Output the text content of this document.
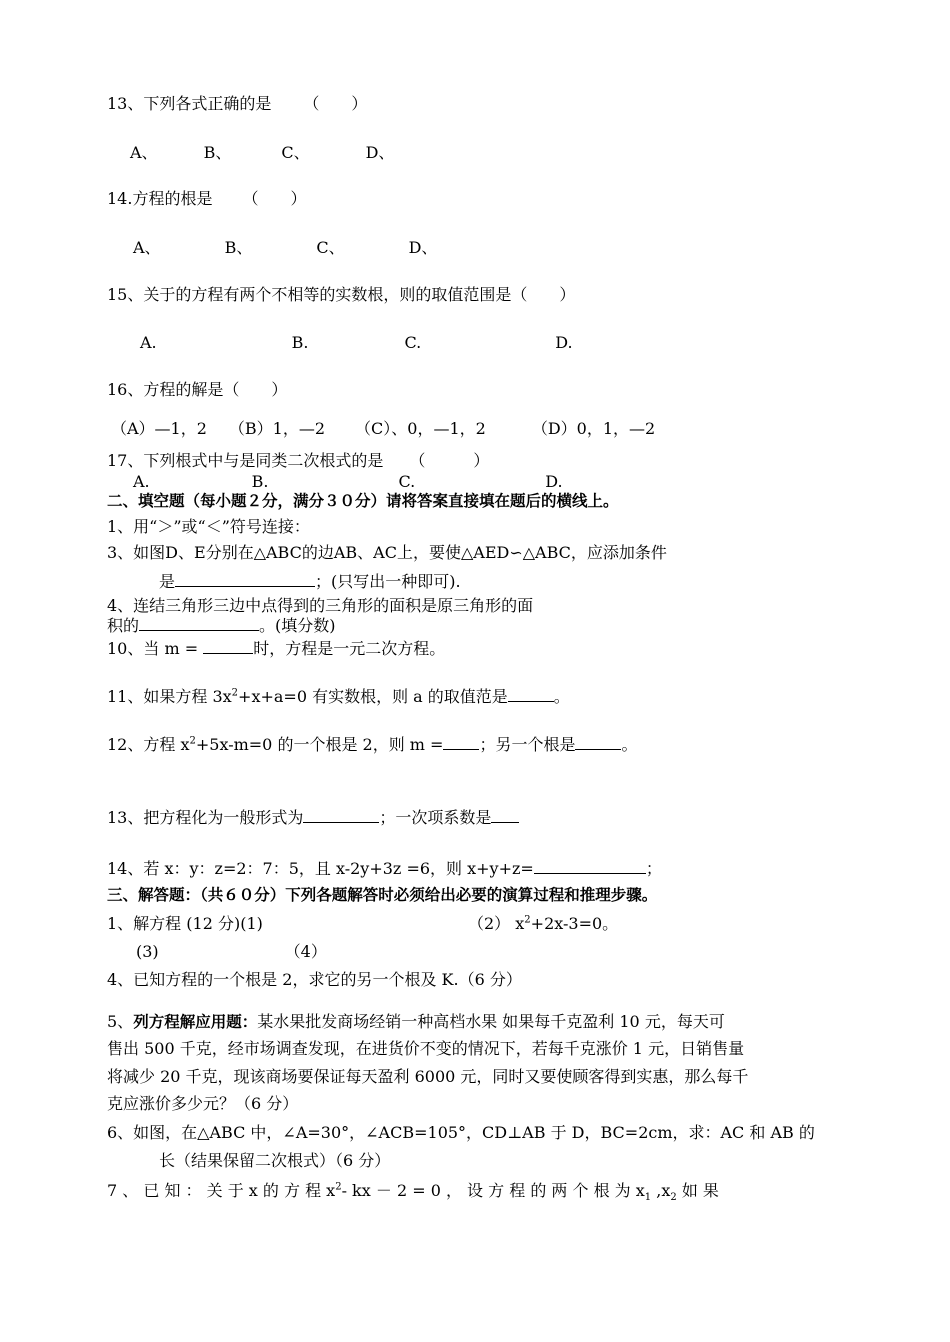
13、下列各式正确的是 （　　）
A、	B、	C、	D、
14.方程的根是 （　　）
A、	B、	C、	D、
15、关于的方程有两个不相等的实数根，则的取值范围是（　　）
A.	B.	C.	D.
16、方程的解是（　　）
（A）—1，2 （B）1，—2 （C）、0，—1，2	（D）0，1，—2
17、下列根式中与是同类二次根式的是 （　　　）
A.	B.	C.	D.
二、填空题（每小题２分，满分３０分）请将答案直接填在题后的横线上。
1、用“＞”或“＜”符号连接：
3、如图D、E分别在△ABC的边AB、AC上，要使△AED∽△ABC，应添加条件
是	；(只写出一种即可).
4、连结三角形三边中点得到的三角形的面积是原三角形的面
积的	。(填分数)
10、当 m =	时，方程是一元二次方程。
11、如果方程 $3x^2+x+a=0$ 有实数根，则 a 的取值范是	。
12、方程 $x^2+5x-m=0$ 的一个根是 2，则 m = ；另一个根是	。
13、把方程化为一般形式为	；一次项系数是
14、若 x：y：z=2：7：5，且 x-2y+3z =6，则 x+y+z=	；
三、解答题：（共６０分）下列各题解答时必须给出必要的演算过程和推理步骤。
1、解方程 (12 分)(1)	（2） $x^2+2x-3=0$。
(3)	（4）
4、已知方程的一个根是 2，求它的另一个根及 K.（6 分）
5、列方程解应用题：某水果批发商场经销一种高档水果 如果每千克盈利 10 元，每天可
售出 500 千克，经市场调查发现，在进货价不变的情况下，若每千克涨价 1 元，日销售量
将减少 20 千克，现该商场要保证每天盈利 6000 元，同时又要使顾客得到实惠，那么每千
克应涨价多少元？（6 分）
6、如图，在△ABC 中，∠A=30°，∠ACB=105°，CD⊥AB 于 D，BC=2cm，求：AC 和 AB 的
长（结果保留二次根式）（6 分）
7 、 已 知 ： 关 于 x 的 方 程 $x^2-$ kx － 2 = 0 ， 设 方 程 的 两 个 根 为 $x_1$ $,x_2$ 如 果
